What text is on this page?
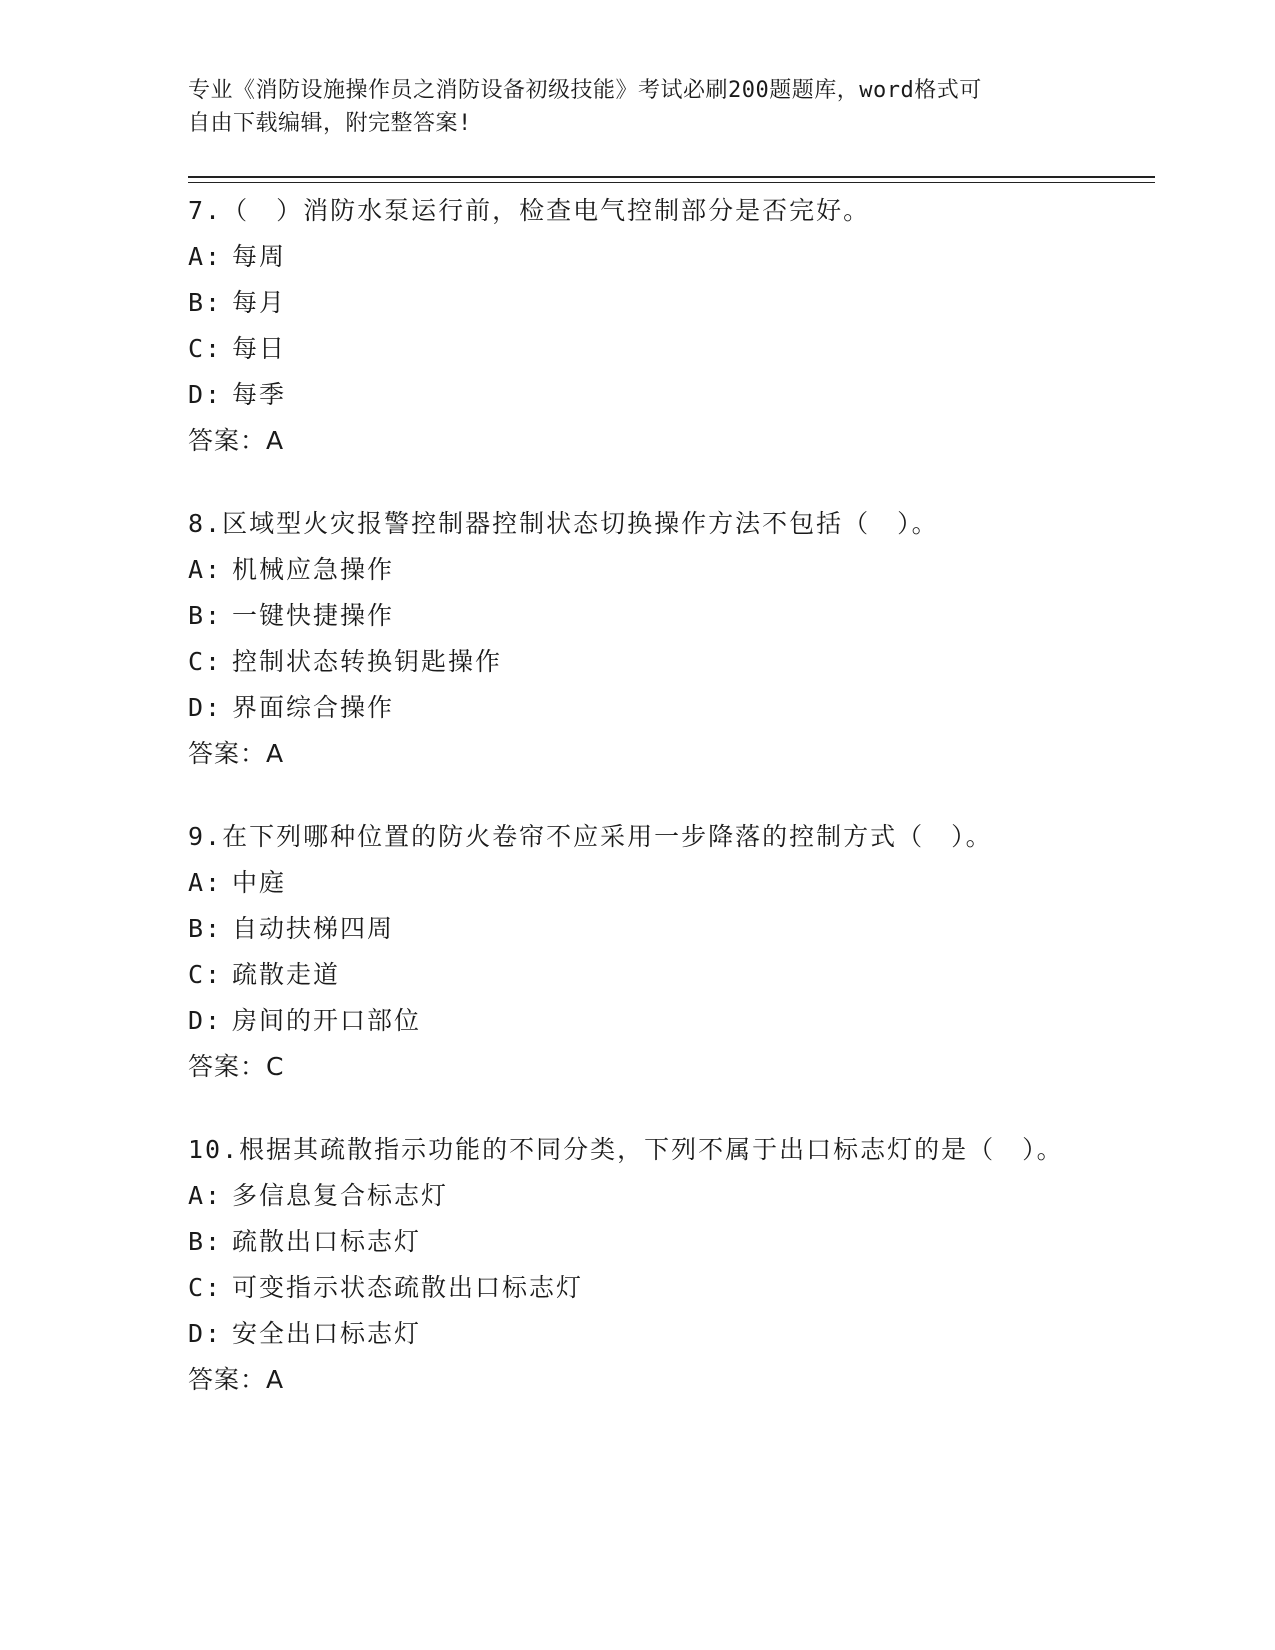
专业《消防设施操作员之消防设备初级技能》考试必刷200题题库，word格式可
自由下载编辑，附完整答案!
7.（　）消防水泵运行前，检查电气控制部分是否完好。
A: 每周
B: 每月
C: 每日
D: 每季
答案：A
8.区域型火灾报警控制器控制状态切换操作方法不包括（　）。
A: 机械应急操作
B: 一键快捷操作
C: 控制状态转换钥匙操作
D: 界面综合操作
答案：A
9.在下列哪种位置的防火卷帘不应采用一步降落的控制方式（　）。
A: 中庭
B: 自动扶梯四周
C: 疏散走道
D: 房间的开口部位
答案：C
10.根据其疏散指示功能的不同分类，下列不属于出口标志灯的是（　）。
A: 多信息复合标志灯
B: 疏散出口标志灯
C: 可变指示状态疏散出口标志灯
D: 安全出口标志灯
答案：A
